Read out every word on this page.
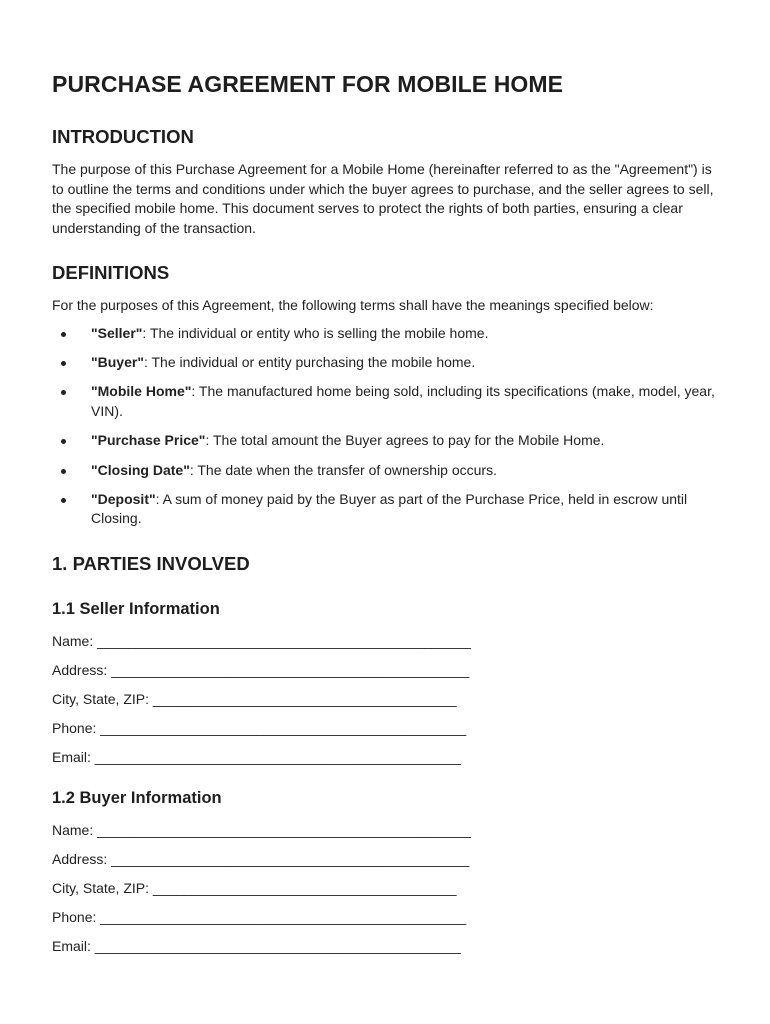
PURCHASE AGREEMENT FOR MOBILE HOME
INTRODUCTION

The purpose of this Purchase Agreement for a Mobile Home (hereinafter referred to as the "Agreement") is to outline the terms and conditions under which the buyer agrees to purchase, and the seller agrees to sell, the specified mobile home. This document serves to protect the rights of both parties, ensuring a clear understanding of the transaction.

DEFINITIONS

For the purposes of this Agreement, the following terms shall have the meanings specified below:

"Seller": The individual or entity who is selling the mobile home.
"Buyer": The individual or entity purchasing the mobile home.
"Mobile Home": The manufactured home being sold, including its specifications (make, model, year, VIN).
"Purchase Price": The total amount the Buyer agrees to pay for the Mobile Home.
"Closing Date": The date when the transfer of ownership occurs.
"Deposit": A sum of money paid by the Buyer as part of the Purchase Price, held in escrow until Closing.
1. PARTIES INVOLVED
1.1 Seller Information
Name: ________________________________________________
Address: ______________________________________________
City, State, ZIP: _______________________________________
Phone: _______________________________________________
Email: _______________________________________________
1.2 Buyer Information
Name: ________________________________________________
Address: ______________________________________________
City, State, ZIP: _______________________________________
Phone: _______________________________________________
Email: _______________________________________________
